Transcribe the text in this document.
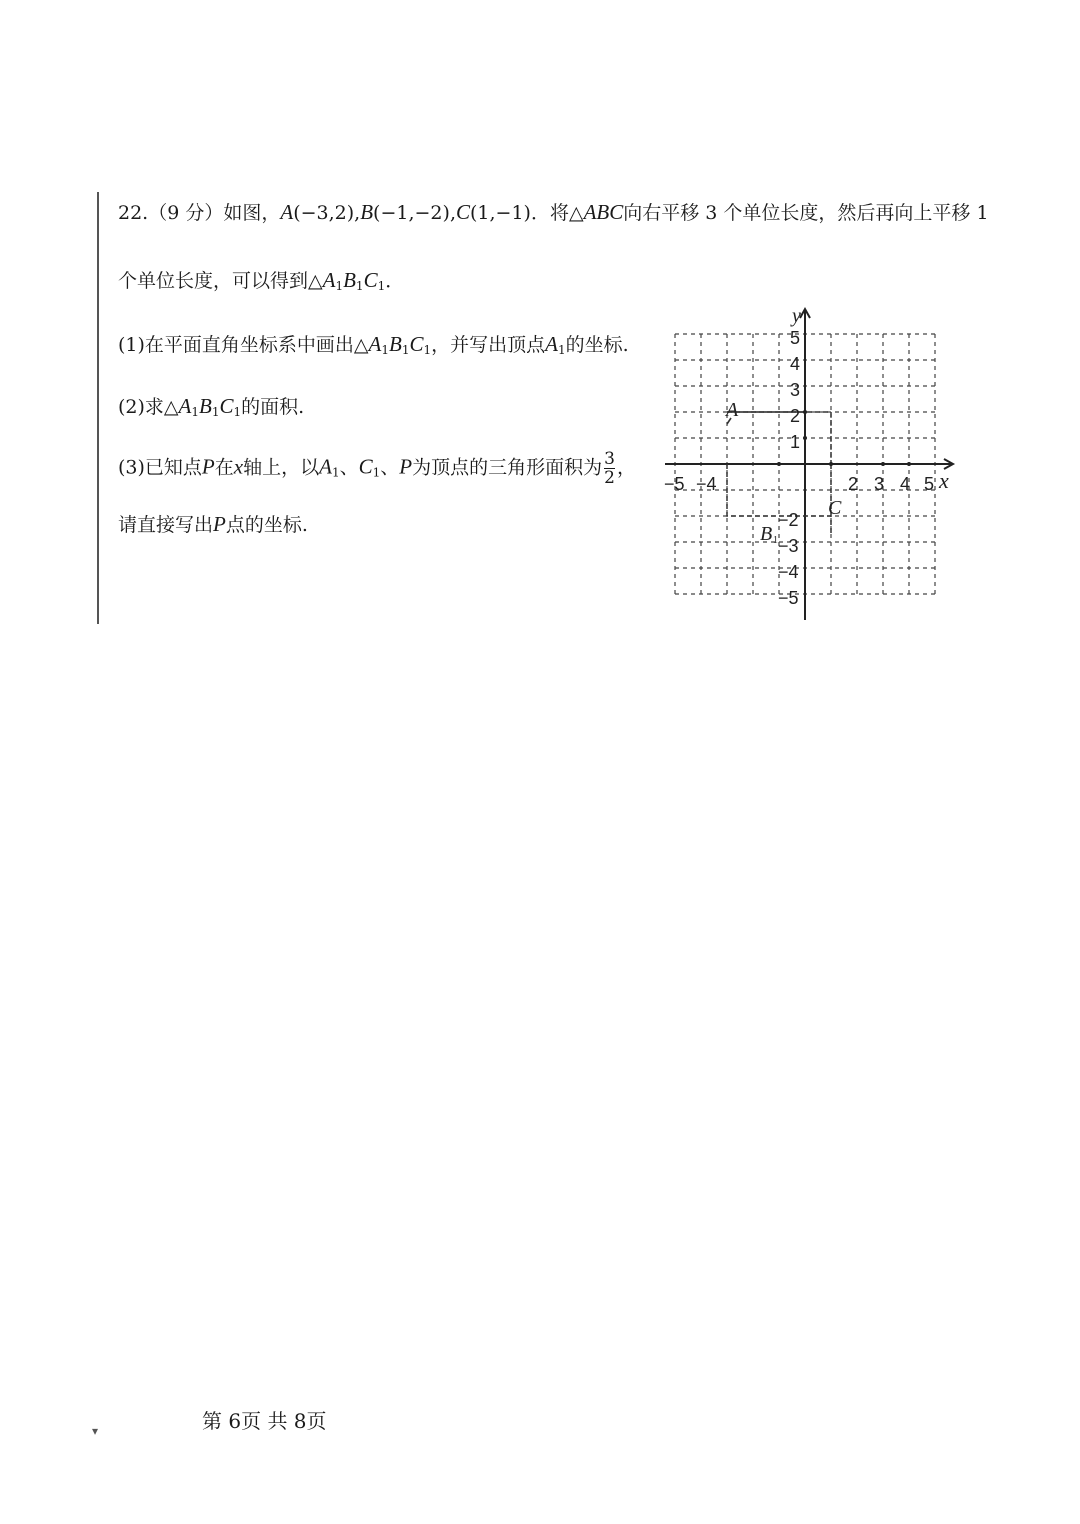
22.（9 分）如图，A(−3,2),B(−1,−2),C(1,−1)．将△ABC向右平移 3 个单位长度，然后再向上平移 1
个单位长度，可以得到$\triangle A_1B_1C_1$．
(1)在平面直角坐标系中画出$\triangle A_1B_1C_1$，并写出顶点$A_1$的坐标.
(2)求$\triangle A_1B_1C_1$的面积.
(3)已知点P在x轴上，以$A_1$、$C_1$、P为顶点的三角形面积为 $\frac{3}{2}$ ，
请直接写出P点的坐标.
x
y
−5 −4	2 3 4 5
5
4
3
2
1
−2
−3
−4
−5
A
B
C
1
第 6页 共 8页
▾
